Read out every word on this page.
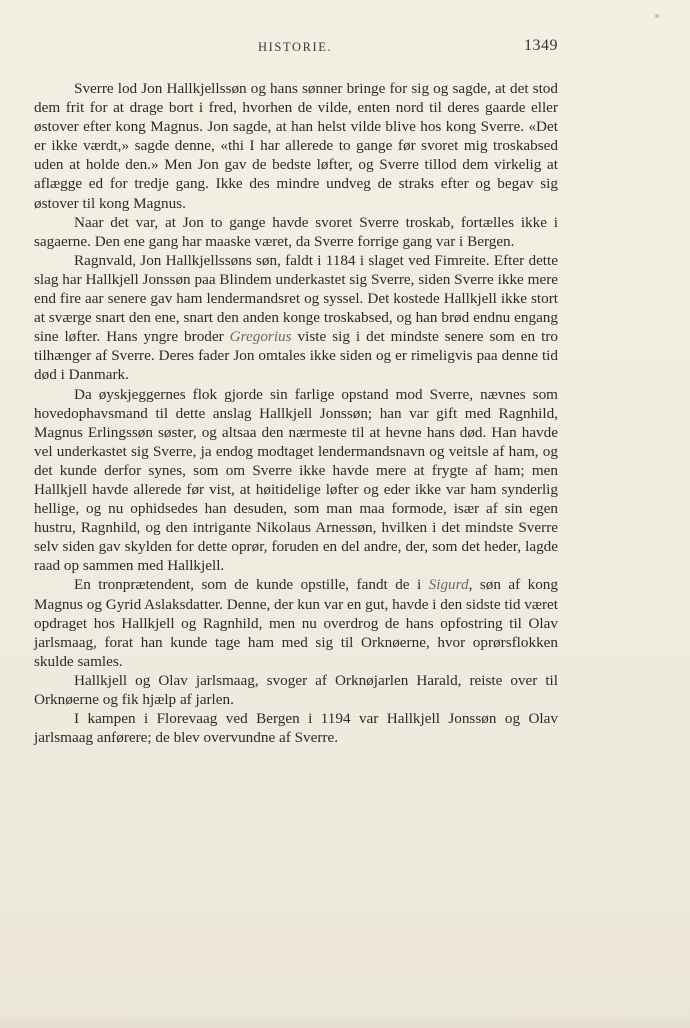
HISTORIE.	1349

Sverre lod Jon Hallkjellssøn og hans sønner bringe for sig og sagde, at det stod dem frit for at drage bort i fred, hvorhen de vilde, enten nord til deres gaarde eller østover efter kong Magnus. Jon sagde, at han helst vilde blive hos kong Sverre. «Det er ikke værdt,» sagde denne, «thi I har allerede to gange før svoret mig troskabsed uden at holde den.» Men Jon gav de bedste løfter, og Sverre tillod dem virkelig at aflægge ed for tredje gang. Ikke des mindre undveg de straks efter og begav sig østover til kong Magnus.

Naar det var, at Jon to gange havde svoret Sverre troskab, fortælles ikke i sagaerne. Den ene gang har maaske været, da Sverre forrige gang var i Bergen.

Ragnvald, Jon Hallkjellssøns søn, faldt i 1184 i slaget ved Fimreite. Efter dette slag har Hallkjell Jonssøn paa Blindem underkastet sig Sverre, siden Sverre ikke mere end fire aar senere gav ham lendermandsret og syssel. Det kostede Hallkjell ikke stort at sværge snart den ene, snart den anden konge troskabsed, og han brød endnu engang sine løfter. Hans yngre broder Gregorius viste sig i det mindste senere som en tro tilhænger af Sverre. Deres fader Jon omtales ikke siden og er rimeligvis paa denne tid død i Danmark.

Da øyskjeggernes flok gjorde sin farlige opstand mod Sverre, nævnes som hovedophavsmand til dette anslag Hallkjell Jonssøn; han var gift med Ragnhild, Magnus Erlingssøn søster, og altsaa den nærmeste til at hevne hans død. Han havde vel underkastet sig Sverre, ja endog modtaget lendermandsnavn og veitsle af ham, og det kunde derfor synes, som om Sverre ikke havde mere at frygte af ham; men Hallkjell havde allerede før vist, at høitidelige løfter og eder ikke var ham synderlig hellige, og nu ophidsedes han desuden, som man maa formode, især af sin egen hustru, Ragnhild, og den intrigante Nikolaus Arnessøn, hvilken i det mindste Sverre selv siden gav skylden for dette oprør, foruden en del andre, der, som det heder, lagde raad op sammen med Hallkjell.

En tronprætendent, som de kunde opstille, fandt de i Sigurd, søn af kong Magnus og Gyrid Aslaksdatter. Denne, der kun var en gut, havde i den sidste tid været opdraget hos Hallkjell og Ragnhild, men nu overdrog de hans opfostring til Olav jarlsmaag, forat han kunde tage ham med sig til Orknøerne, hvor oprørsflokken skulde samles.

Hallkjell og Olav jarlsmaag, svoger af Orknøjarlen Harald, reiste over til Orknøerne og fik hjælp af jarlen.

I kampen i Florevaag ved Bergen i 1194 var Hallkjell Jonssøn og Olav jarlsmaag anførere; de blev overvundne af Sverre.
